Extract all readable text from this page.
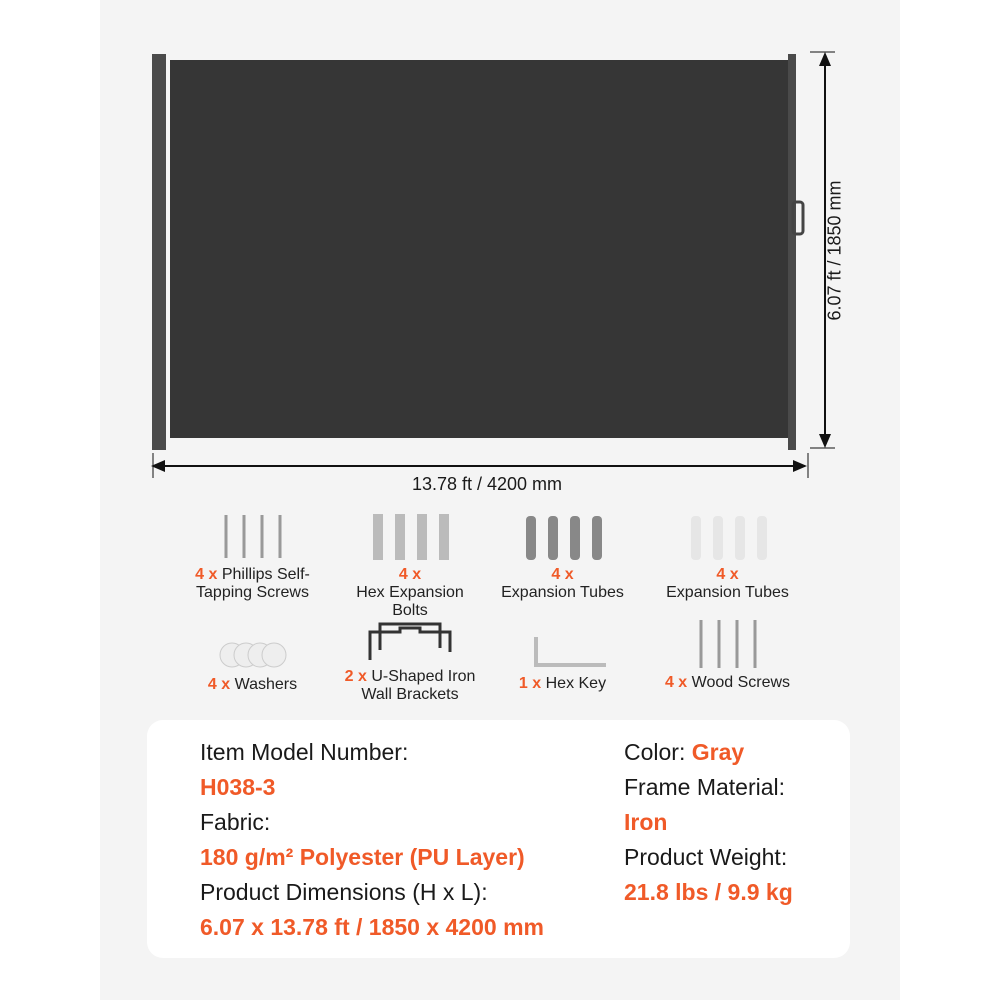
13.78 ft / 4200 mm
6.07 ft / 1850 mm
4 x Phillips Self-Tapping Screws
4 x
Hex Expansion Bolts
4 x
Expansion Tubes
4 x
Expansion Tubes
4 x Washers	2 x U-Shaped Iron Wall Brackets
1 x Hex Key	4 x Wood Screws
Item Model Number:
H038-3
Fabric:
180 g/m² Polyester (PU Layer)
Product Dimensions (H x L):
6.07 x 13.78 ft / 1850 x 4200 mm
Color: Gray
Frame Material:
Iron
Product Weight:
21.8 lbs / 9.9 kg
